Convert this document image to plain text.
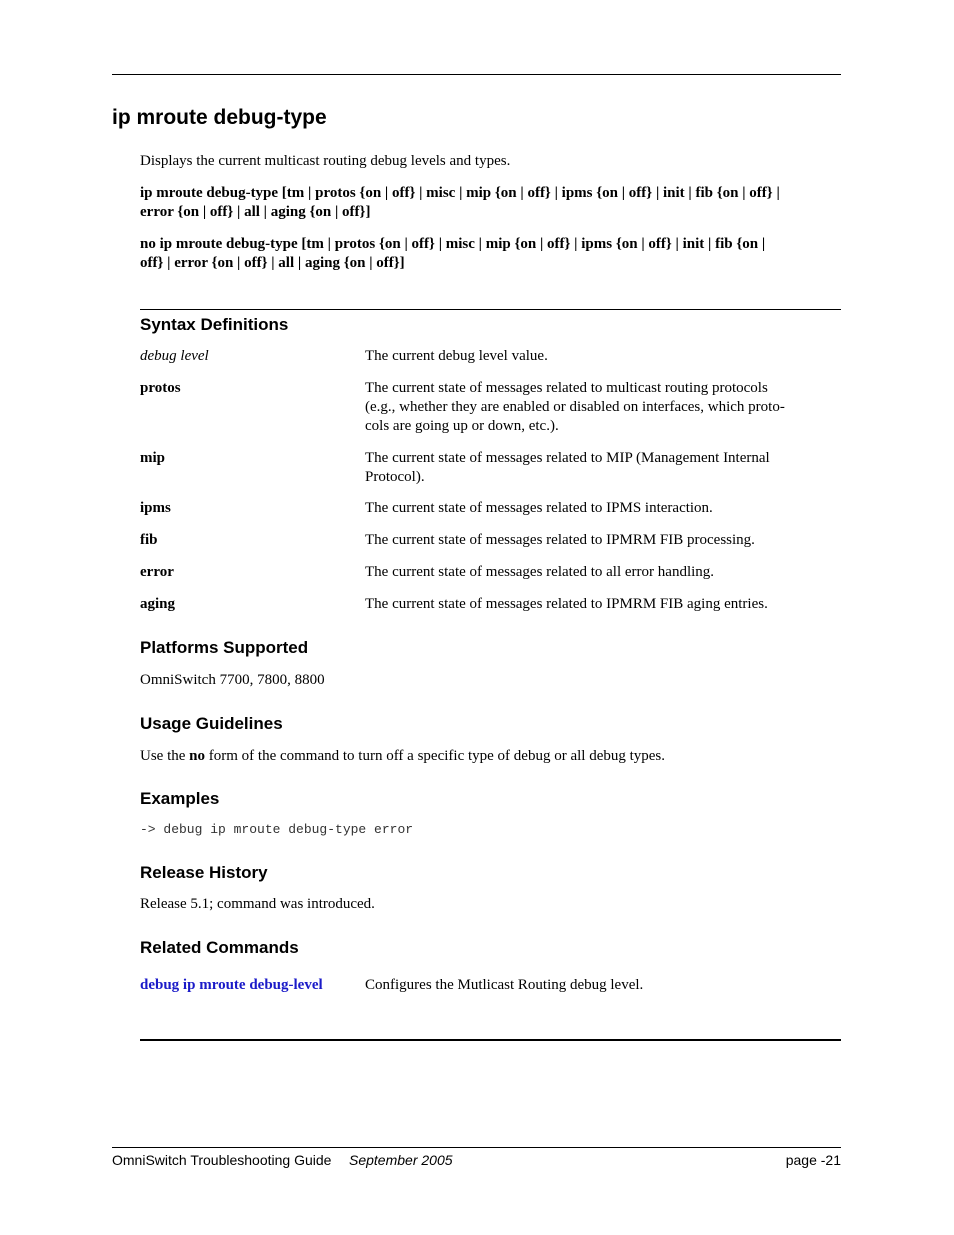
ip mroute debug-type
Displays the current multicast routing debug levels and types.
ip mroute debug-type [tm | protos {on | off} | misc | mip {on | off} | ipms {on | off} | init | fib {on | off} |
error {on | off} | all | aging {on | off}]
no ip mroute debug-type [tm | protos {on | off} | misc | mip {on | off} | ipms {on | off} | init | fib {on |
off} | error {on | off} | all | aging {on | off}]
Syntax Definitions
debug level	The current debug level value.
protos	The current state of messages related to multicast routing protocols
(e.g., whether they are enabled or disabled on interfaces, which proto-
cols are going up or down, etc.).
mip	The current state of messages related to MIP (Management Internal
Protocol).
ipms	The current state of messages related to IPMS interaction.
fib	The current state of messages related to IPMRM FIB processing.
error	The current state of messages related to all error handling.
aging	The current state of messages related to IPMRM FIB aging entries.
Platforms Supported
OmniSwitch 7700, 7800, 8800
Usage Guidelines
Use the no form of the command to turn off a specific type of debug or all debug types.
Examples
-> debug ip mroute debug-type error
Release History
Release 5.1; command was introduced.
Related Commands
debug ip mroute debug-level	Configures the Mutlicast Routing debug level.
OmniSwitch Troubleshooting Guide September 2005	page -21
